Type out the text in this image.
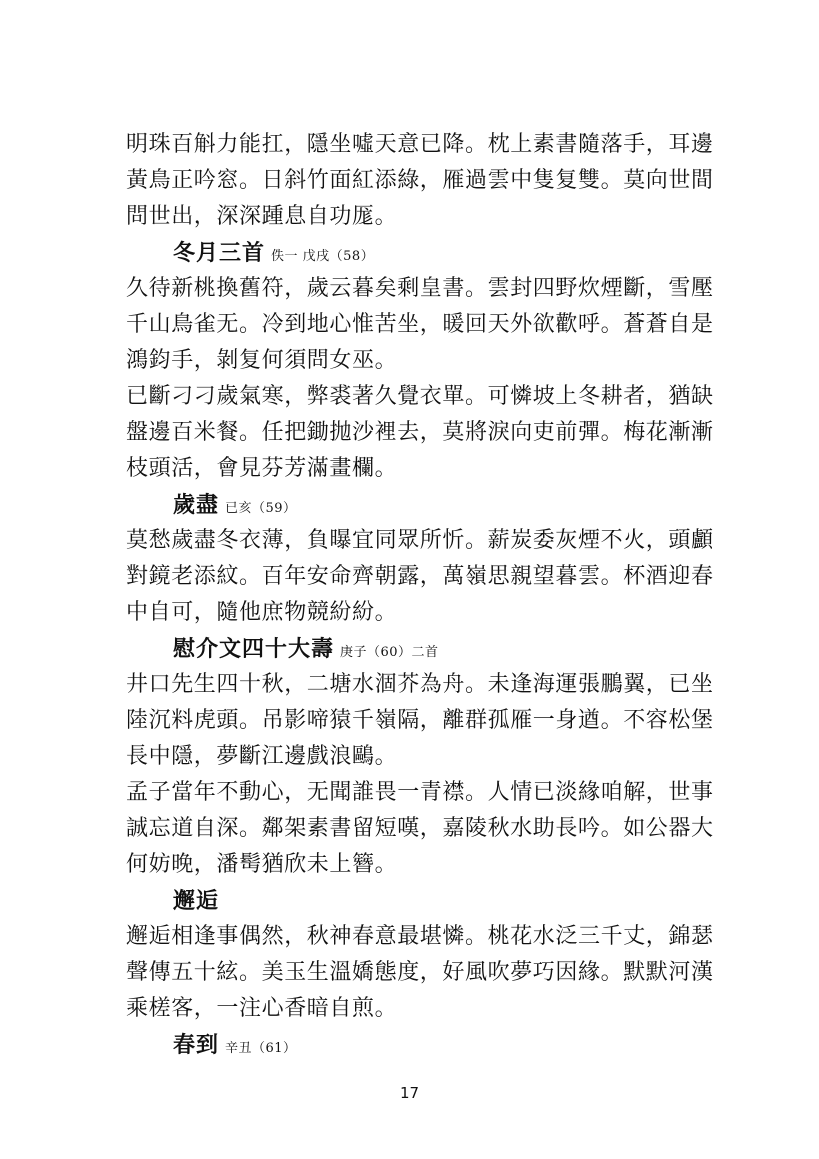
明珠百斛力能扛，隱坐噓天意已降。枕上素書隨落手，耳邊
黃鳥正吟窓。日斜竹面紅添綠，雁過雲中隻复雙。莫向世間
問世出，深深踵息自功厖。
冬月三首 佚一 戊戌（58）
久待新桃換舊符，歲云暮矣剩皇書。雲封四野炊煙斷，雪壓
千山鳥雀无。冷到地心惟苦坐，暖回天外欲歡呼。蒼蒼自是
鴻鈞手，剝复何須問女巫。
已斷刁刁歲氣寒，弊裘著久覺衣單。可憐坡上冬耕者，猶缺
盤邊百米餐。任把鋤抛沙裡去，莫將淚向吏前彈。梅花漸漸
枝頭活，會見芬芳滿畫欄。
歲盡 已亥（59）
莫愁歲盡冬衣薄，負曝宜同眾所忻。薪炭委灰煙不火，頭顱
對鏡老添紋。百年安命齊朝露，萬嶺思親望暮雲。杯酒迎春
中自可，隨他庶物競紛紛。
慰介文四十大壽 庚子（60）二首
井口先生四十秋，二塘水涸芥為舟。未逢海運張鵬翼，已坐
陸沉料虎頭。吊影啼猿千嶺隔，離群孤雁一身遒。不容松堡
長中隱，夢斷江邊戲浪鷗。
孟子當年不動心，无聞誰畏一青襟。人情已淡緣咱解，世事
誠忘道自深。鄰架素書留短嘆，嘉陵秋水助長吟。如公器大
何妨晚，潘髩猶欣未上簪。
邂逅
邂逅相逢事偶然，秋神春意最堪憐。桃花水泛三千丈，錦瑟
聲傳五十絃。美玉生溫嬌態度，好風吹夢巧因緣。默默河漢
乘槎客，一注心香暗自煎。
春到 辛丑（61）
17
